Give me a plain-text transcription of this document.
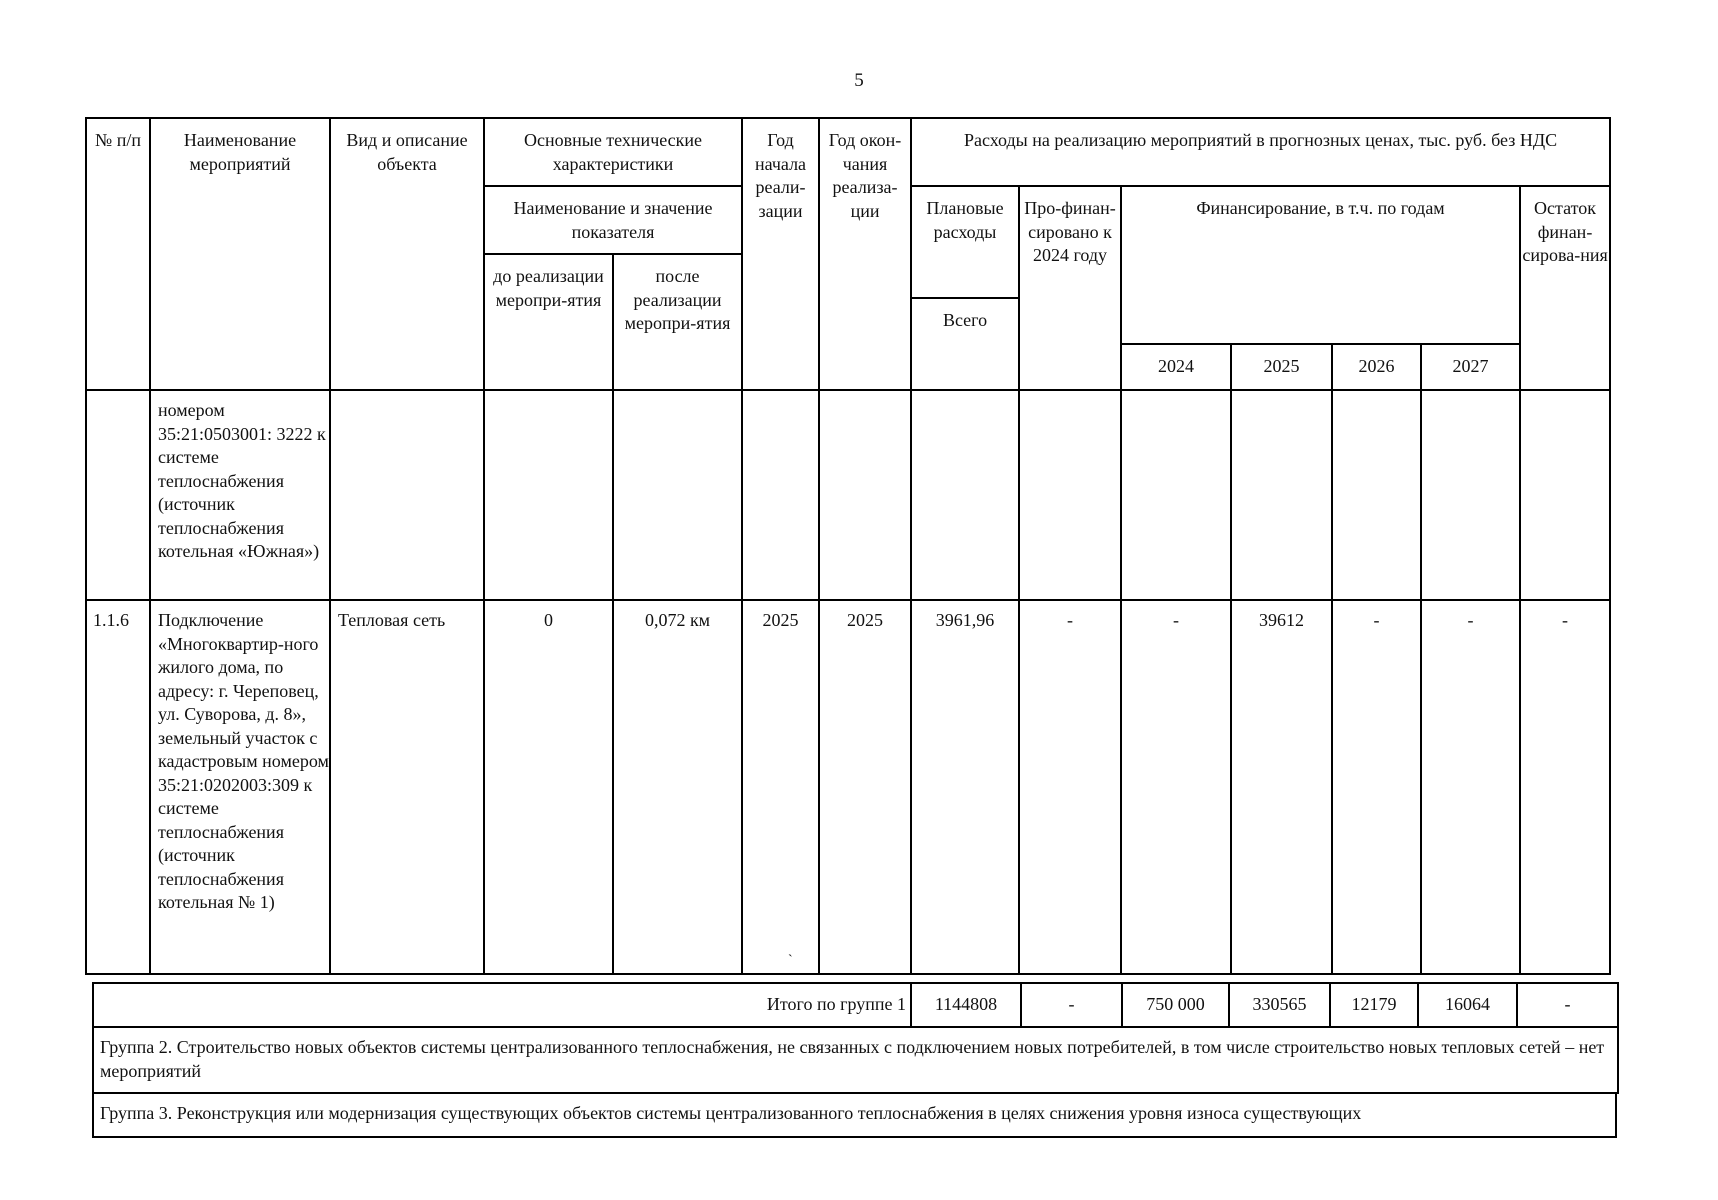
5
№ п/п	Наименование мероприятий	Вид и описание объекта	Основные технические характеристики		Год начала реали-зации	Год окон-чания реализа-ции	Расходы на реализацию мероприятий в прогнозных ценах, тыс. руб. без НДС						
			Наименование и значение показателя				Плановые расходы	Про-финан-сировано к 2024 году	Финансирование, в т.ч. по годам				Остаток финан-сирова-ния
			до реализации меропри-ятия	после реализации меропри-ятия									
							Всего						
									2024	2025	2026	2027	
	номером 35:21:0503001: 3222 к системе теплоснабжения (источник теплоснабжения котельная «Южная»)												
1.1.6	Подключение «Многоквартир-ного жилого дома, по адресу: г. Череповец, ул. Суворова, д. 8», земельный участок с кадастровым номером 35:21:0202003:309 к системе теплоснабжения (источник теплоснабжения котельная № 1)	Тепловая сеть	0	0,072 км	2025	2025	3961,96	-	-	39612	-	-	-
`
Итого по группе 1	1144808	-	750 000	330565	12179	16064	-
Группа 2. Строительство новых объектов системы централизованного теплоснабжения, не связанных с подключением новых потребителей, в том числе строительство новых тепловых сетей – нет мероприятий
Группа 3. Реконструкция или модернизация существующих объектов системы централизованного теплоснабжения в целях снижения уровня износа существующих
